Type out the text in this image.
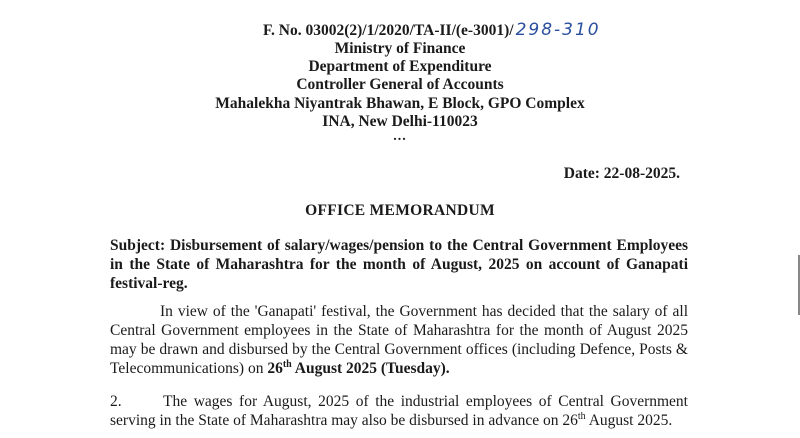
F. No. 03002(2)/1/2020/TA-II/(e-3001)/ 298-310
Ministry of Finance
Department of Expenditure
Controller General of Accounts
Mahalekha Niyantrak Bhawan, E Block, GPO Complex
INA, New Delhi-110023
...
Date: 22-08-2025.
OFFICE MEMORANDUM
Subject: Disbursement of salary/wages/pension to the Central Government Employees in the State of Maharashtra for the month of August, 2025 on account of Ganapati festival-reg.
In view of the 'Ganapati' festival, the Government has decided that the salary of all Central Government employees in the State of Maharashtra for the month of August 2025 may be drawn and disbursed by the Central Government offices (including Defence, Posts & Telecommunications) on 26th August 2025 (Tuesday).
2.	The wages for August, 2025 of the industrial employees of Central Government serving in the State of Maharashtra may also be disbursed in advance on 26th August 2025.
